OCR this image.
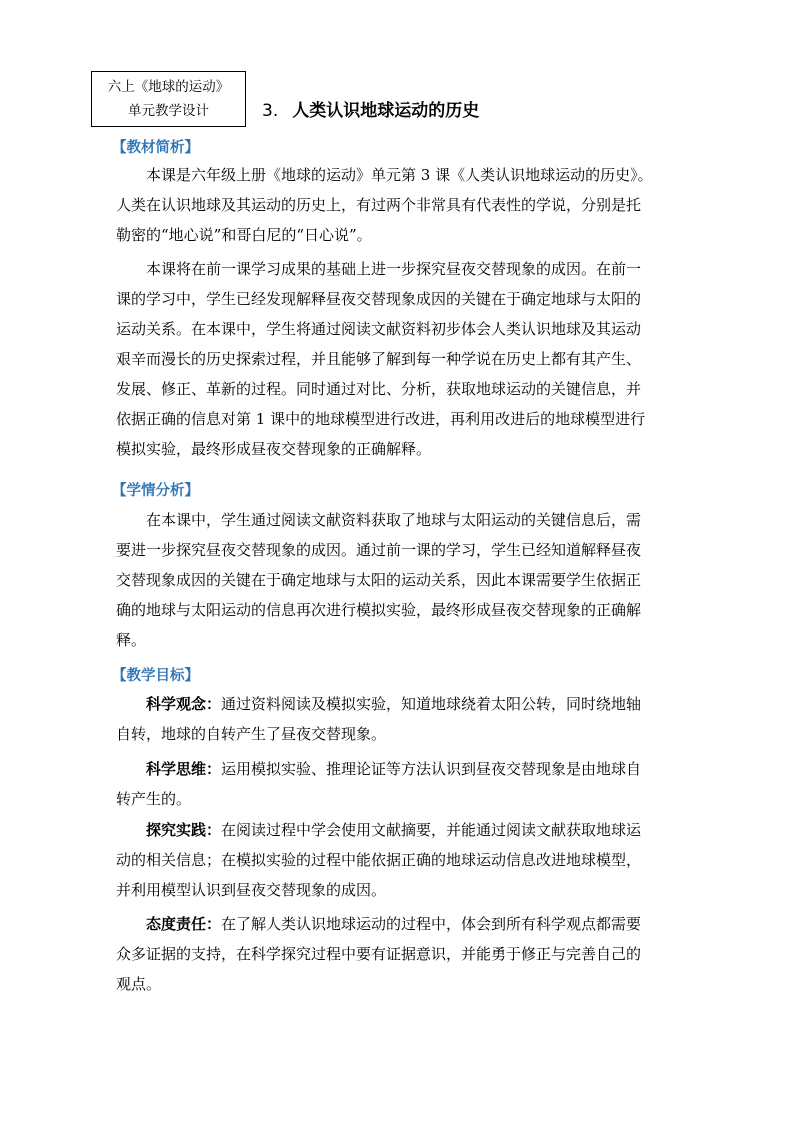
六上《地球的运动》
单元教学设计	3. 人类认识地球运动的历史
【教材简析】
本课是六年级上册《地球的运动》单元第 3 课《人类认识地球运动的历史》。
人类在认识地球及其运动的历史上，有过两个非常具有代表性的学说，分别是托
勒密的“地心说”和哥白尼的“日心说”。
本课将在前一课学习成果的基础上进一步探究昼夜交替现象的成因。在前一
课的学习中，学生已经发现解释昼夜交替现象成因的关键在于确定地球与太阳的
运动关系。在本课中，学生将通过阅读文献资料初步体会人类认识地球及其运动
艰辛而漫长的历史探索过程，并且能够了解到每一种学说在历史上都有其产生、
发展、修正、革新的过程。同时通过对比、分析，获取地球运动的关键信息，并
依据正确的信息对第 1 课中的地球模型进行改进，再利用改进后的地球模型进行
模拟实验，最终形成昼夜交替现象的正确解释。
【学情分析】
在本课中，学生通过阅读文献资料获取了地球与太阳运动的关键信息后，需
要进一步探究昼夜交替现象的成因。通过前一课的学习，学生已经知道解释昼夜
交替现象成因的关键在于确定地球与太阳的运动关系，因此本课需要学生依据正
确的地球与太阳运动的信息再次进行模拟实验，最终形成昼夜交替现象的正确解
释。
【教学目标】
科学观念：通过资料阅读及模拟实验，知道地球绕着太阳公转，同时绕地轴
自转，地球的自转产生了昼夜交替现象。
科学思维：运用模拟实验、推理论证等方法认识到昼夜交替现象是由地球自
转产生的。
探究实践：在阅读过程中学会使用文献摘要，并能通过阅读文献获取地球运
动的相关信息；在模拟实验的过程中能依据正确的地球运动信息改进地球模型，
并利用模型认识到昼夜交替现象的成因。
态度责任：在了解人类认识地球运动的过程中，体会到所有科学观点都需要
众多证据的支持，在科学探究过程中要有证据意识，并能勇于修正与完善自己的
观点。
